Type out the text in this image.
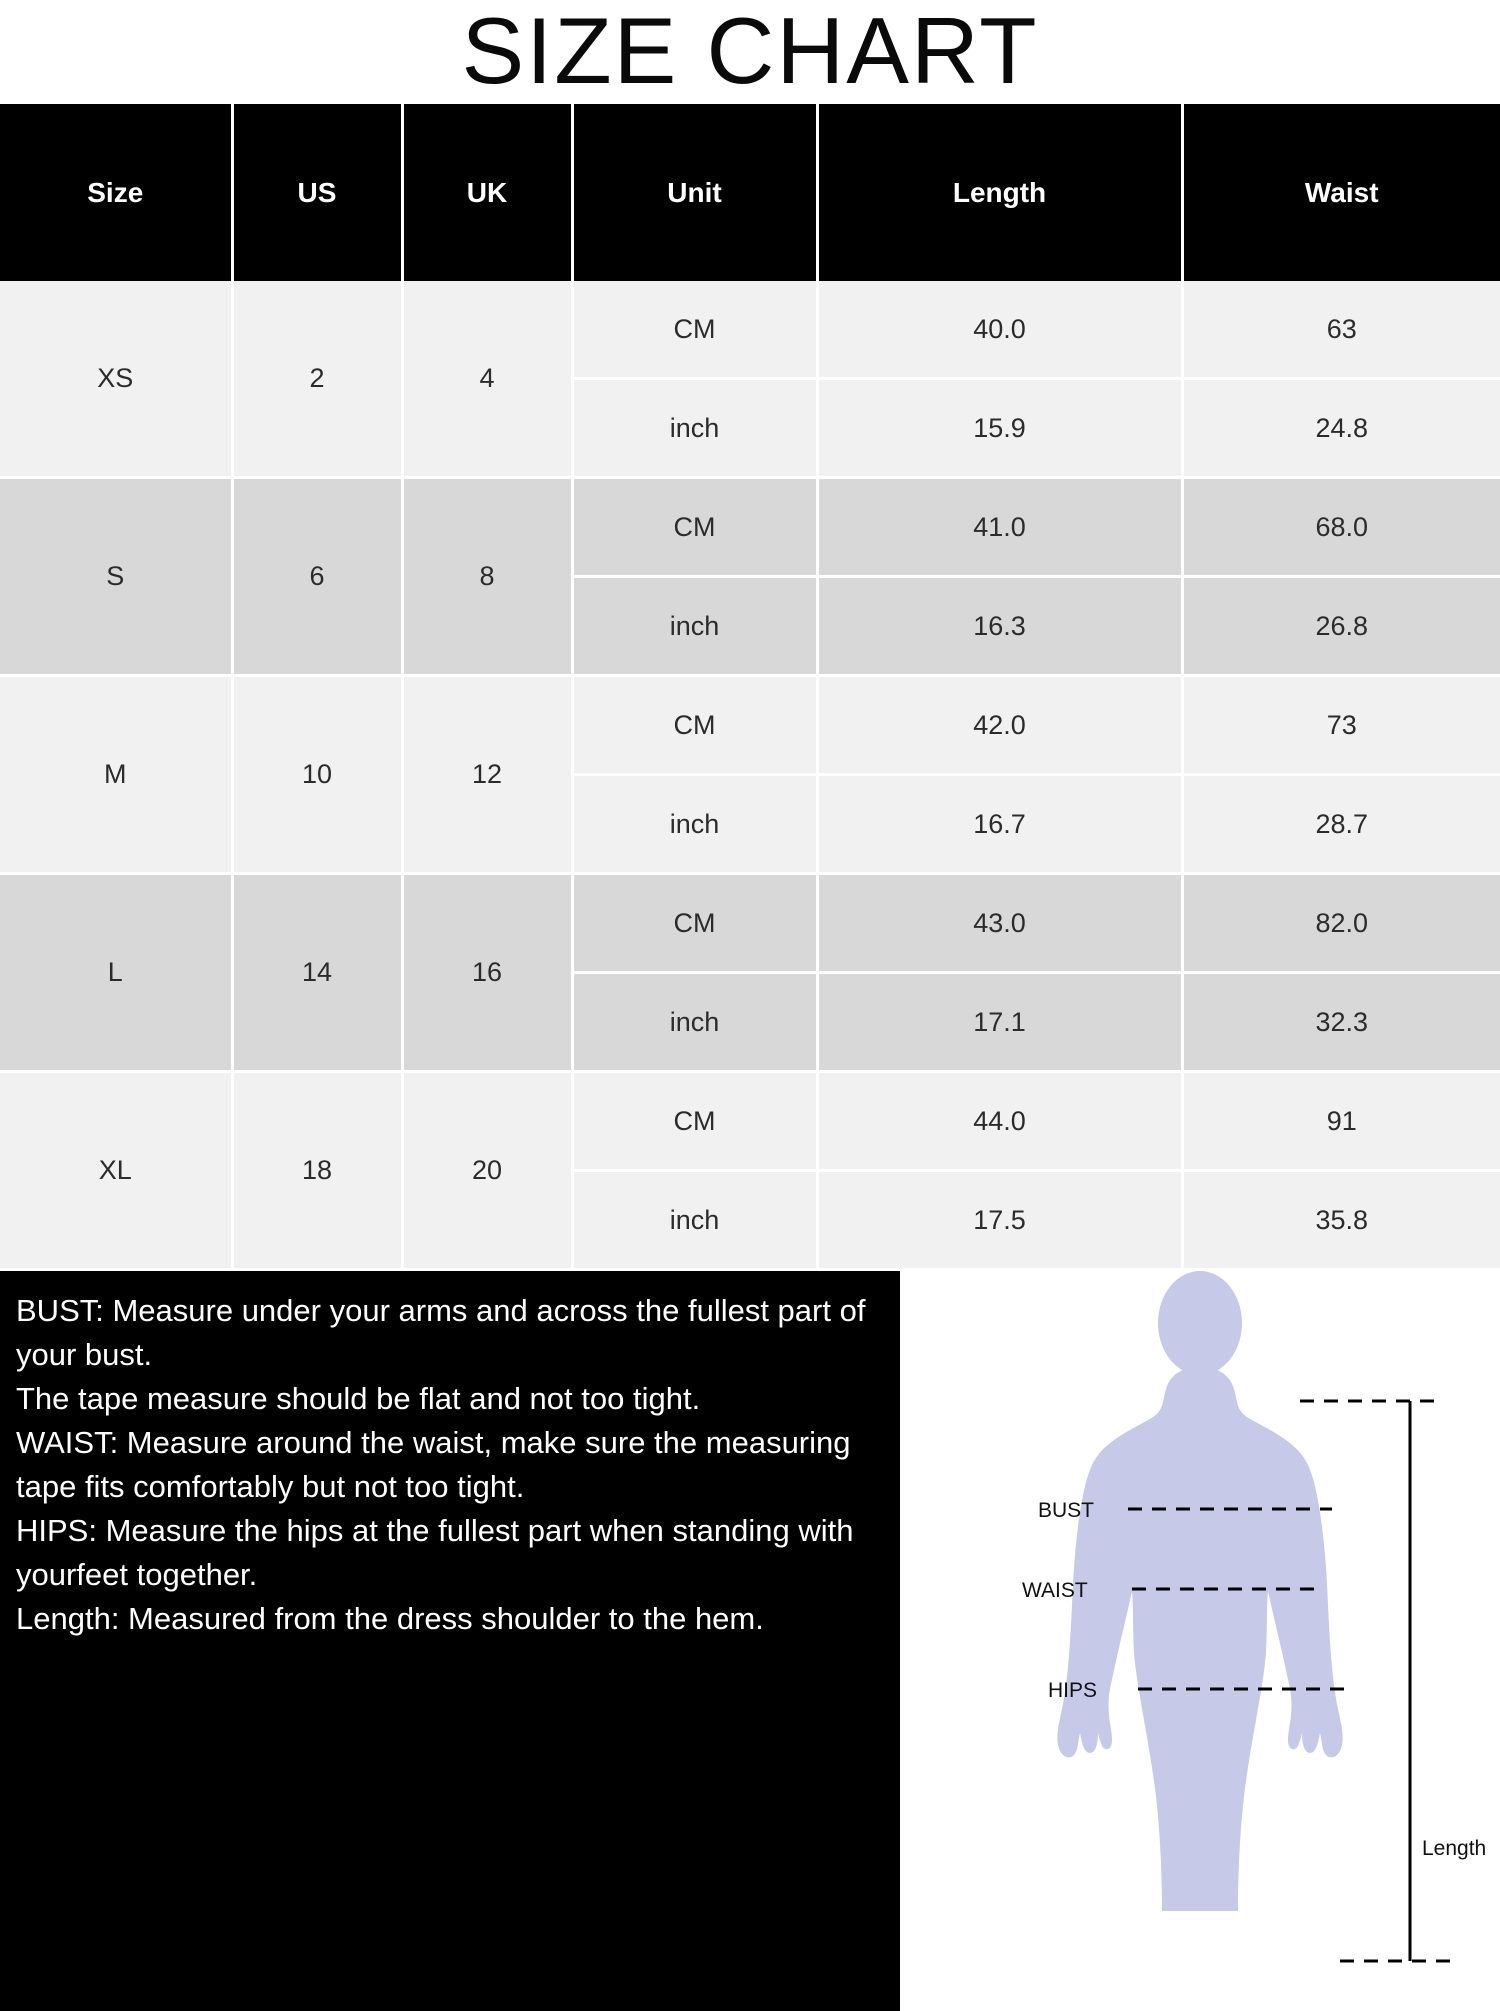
SIZE CHART
Size	US	UK	Unit	Length	Waist
XS	2	4	CM	40.0	63
			inch	15.9	24.8
S	6	8	CM	41.0	68.0
			inch	16.3	26.8
M	10	12	CM	42.0	73
			inch	16.7	28.7
L	14	16	CM	43.0	82.0
			inch	17.1	32.3
XL	18	20	CM	44.0	91
			inch	17.5	35.8

BUST: Measure under your arms and across the fullest part of your bust.

The tape measure should be flat and not too tight.

WAIST: Measure around the waist, make sure the measuring tape fits comfortably but not too tight.

HIPS: Measure the hips at the fullest part when standing with yourfeet together.

Length: Measured from the dress shoulder to the hem.

Length
BUST
WAIST
HIPS
